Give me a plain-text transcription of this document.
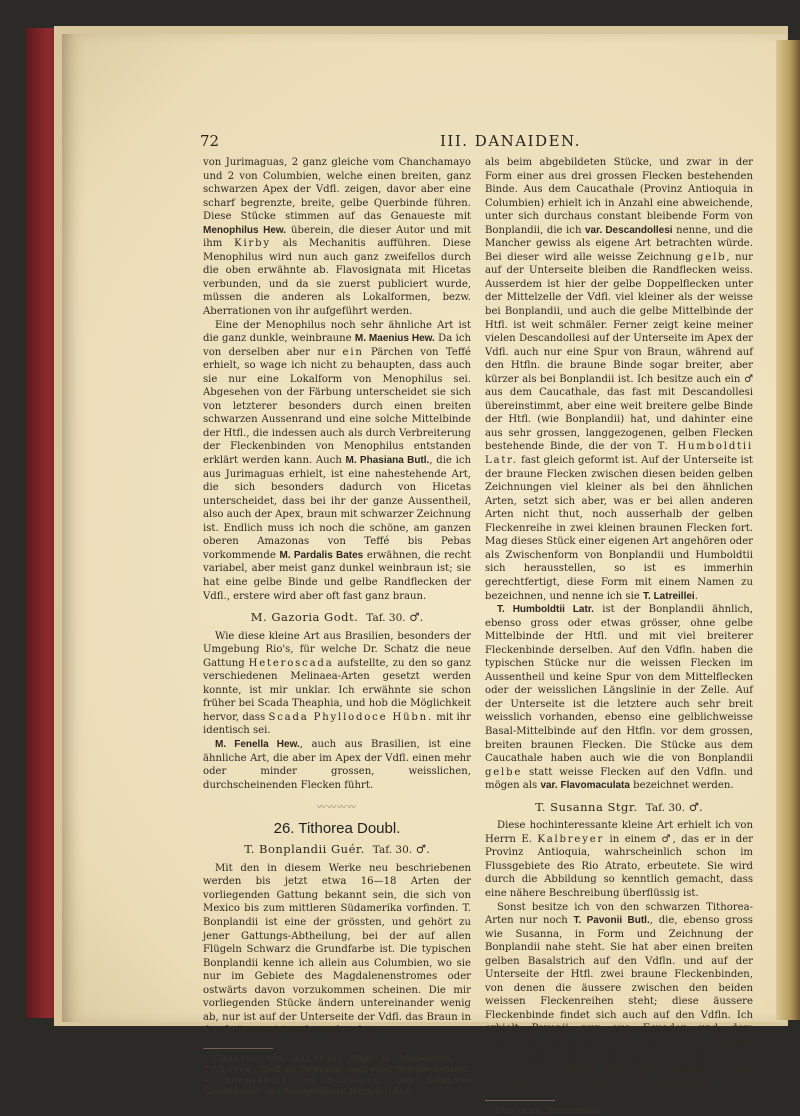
72	III. DANAIDEN.

von Jurimaguas, 2 ganz gleiche vom Chanchamayo und 2 von Columbien, welche einen breiten, ganz schwarzen Apex der Vdfl. zeigen, davor aber eine scharf begrenzte, breite, gelbe Querbinde führen. Diese Stücke stimmen auf das Genaueste mit Menophilus Hew. überein, die dieser Autor und mit ihm Kirby als Mechanitis aufführen. Diese Menophilus wird nun auch ganz zweifellos durch die oben erwähnte ab. Flavosignata mit Hicetas verbunden, und da sie zuerst publiciert wurde, müssen die anderen als Lokalformen, bezw. Aberrationen von ihr aufgeführt werden.

Eine der Menophilus noch sehr ähnliche Art ist die ganz dunkle, weinbraune M. Maenius Hew. Da ich von derselben aber nur ein Pärchen von Teffé erhielt, so wage ich nicht zu behaupten, dass auch sie nur eine Lokalform von Menophilus sei. Abgesehen von der Färbung unterscheidet sie sich von letzterer besonders durch einen breiten schwarzen Aussenrand und eine solche Mittelbinde der Htfl., die indessen auch als durch Verbreiterung der Fleckenbinden von Menophilus entstanden erklärt werden kann. Auch M. Phasiana Butl., die ich aus Jurimaguas erhielt, ist eine nahestehende Art, die sich besonders dadurch von Hicetas unterscheidet, dass bei ihr der ganze Aussentheil, also auch der Apex, braun mit schwarzer Zeichnung ist. Endlich muss ich noch die schöne, am ganzen oberen Amazonas von Teffé bis Pebas vorkommende M. Pardalis Bates erwähnen, die recht variabel, aber meist ganz dunkel weinbraun ist; sie hat eine gelbe Binde und gelbe Randflecken der Vdfl., erstere wird aber oft fast ganz braun.

M. Gazoria Godt. Taf. 30. ♂.

Wie diese kleine Art aus Brasilien, besonders der Umgebung Rio's, für welche Dr. Schatz die neue Gattung Heteroscada aufstellte, zu den so ganz verschiedenen Melinaea-Arten gesetzt werden konnte, ist mir unklar. Ich erwähnte sie schon früher bei Scada Theaphia, und hob die Möglichkeit hervor, dass Scada Phyllodoce Hübn. mit ihr identisch sei.

M. Fenella Hew., auch aus Brasilien, ist eine ähnliche Art, die aber im Apex der Vdfl. einen mehr oder minder grossen, weisslichen, durchscheinenden Flecken führt.

〰〰〰〰
26. Tithorea Doubl.

T. Bonplandii Guér. Taf. 30. ♂.

Mit den in diesem Werke neu beschriebenen werden bis jetzt etwa 16—18 Arten der vorliegenden Gattung bekannt sein, die sich von Mexico bis zum mittleren Südamerika vorfinden. T. Bonplandii ist eine der grössten, und gehört zu jener Gattungs-Abtheilung, bei der auf allen Flügeln Schwarz die Grundfarbe ist. Die typischen Bonplandii kenne ich allein aus Columbien, wo sie nur im Gebiete des Magdalenenstromes oder ostwärts davon vorzukommen scheinen. Die mir vorliegenden Stücke ändern untereinander wenig ab, nur ist auf der Unterseite der Vdfl. das Braun in der Spitze meist mehr vorhanden

Gazoria von Gazoros, Stadt in Macedonien. — Tithorea, Stadt am Parnassus, nach einer Nymphe benannt. — Bonplandii von Bonpland, dem bekannten Naturforscher und Reisegefährten Humboldts.

als beim abgebildeten Stücke, und zwar in der Form einer aus drei grossen Flecken bestehenden Binde. Aus dem Caucathale (Provinz Antioquia in Columbien) erhielt ich in Anzahl eine abweichende, unter sich durchaus constant bleibende Form von Bonplandii, die ich var. Descandollesi nenne, und die Mancher gewiss als eigene Art betrachten würde. Bei dieser wird alle weisse Zeichnung gelb, nur auf der Unterseite bleiben die Randflecken weiss. Ausserdem ist hier der gelbe Doppelflecken unter der Mittelzelle der Vdfl. viel kleiner als der weisse bei Bonplandii, und auch die gelbe Mittelbinde der Htfl. ist weit schmäler. Ferner zeigt keine meiner vielen Descandollesi auf der Unterseite im Apex der Vdfl. auch nur eine Spur von Braun, während auf den Htfln. die braune Binde sogar breiter, aber kürzer als bei Bonplandii ist. Ich besitze auch ein ♂ aus dem Caucathale, das fast mit Descandollesi übereinstimmt, aber eine weit breitere gelbe Binde der Htfl. (wie Bonplandii) hat, und dahinter eine aus sehr grossen, langgezogenen, gelben Flecken bestehende Binde, die der von T. Humboldtii Latr. fast gleich geformt ist. Auf der Unterseite ist der braune Flecken zwischen diesen beiden gelben Zeichnungen viel kleiner als bei den ähnlichen Arten, setzt sich aber, was er bei allen anderen Arten nicht thut, noch ausserhalb der gelben Fleckenreihe in zwei kleinen braunen Flecken fort. Mag dieses Stück einer eigenen Art angehören oder als Zwischenform von Bonplandii und Humboldtii sich herausstellen, so ist es immerhin gerechtfertigt, diese Form mit einem Namen zu bezeichnen, und nenne ich sie T. Latreillei.

T. Humboldtii Latr. ist der Bonplandii ähnlich, ebenso gross oder etwas grösser, ohne gelbe Mittelbinde der Htfl. und mit viel breiterer Fleckenbinde derselben. Auf den Vdfln. haben die typischen Stücke nur die weissen Flecken im Aussentheil und keine Spur von dem Mittelflecken oder der weisslichen Längslinie in der Zelle. Auf der Unterseite ist die letztere auch sehr breit weisslich vorhanden, ebenso eine gelblichweisse Basal-Mittelbinde auf den Htfln. vor dem grossen, breiten braunen Flecken. Die Stücke aus dem Caucathale haben auch wie die von Bonplandii gelbe statt weisse Flecken auf den Vdfln. und mögen als var. Flavomaculata bezeichnet werden.

T. Susanna Stgr. Taf. 30. ♂.

Diese hochinteressante kleine Art erhielt ich von Herrn E. Kalbreyer in einem ♂, das er in der Provinz Antioquia, wahrscheinlich schon im Flussgebiete des Rio Atrato, erbeutete. Sie wird durch die Abbildung so kenntlich gemacht, dass eine nähere Beschreibung überflüssig ist.

Sonst besitze ich von den schwarzen Tithorea-Arten nur noch T. Pavonii Butl., die, ebenso gross wie Susanna, in Form und Zeichnung der Bonplandii nahe steht. Sie hat aber einen breiten gelben Basalstrich auf den Vdfln. und auf der Unterseite der Htfl. zwei braune Fleckenbinden, von denen die äussere zwischen den beiden weissen Fleckenreihen steht; diese äussere Fleckenbinde findet sich auch auf den Vdfln. Ich erhielt Pavonii nur aus Ecuador und dem Caucathale, während Butler's Stücke in Panama ein „common insect" sein sollen. Ob dies richtig, und ob meine Stücke nicht eine Lokalform seiner Art sind, muss ich dahin gestellt sein lassen.

Susanna, Frauenname.
